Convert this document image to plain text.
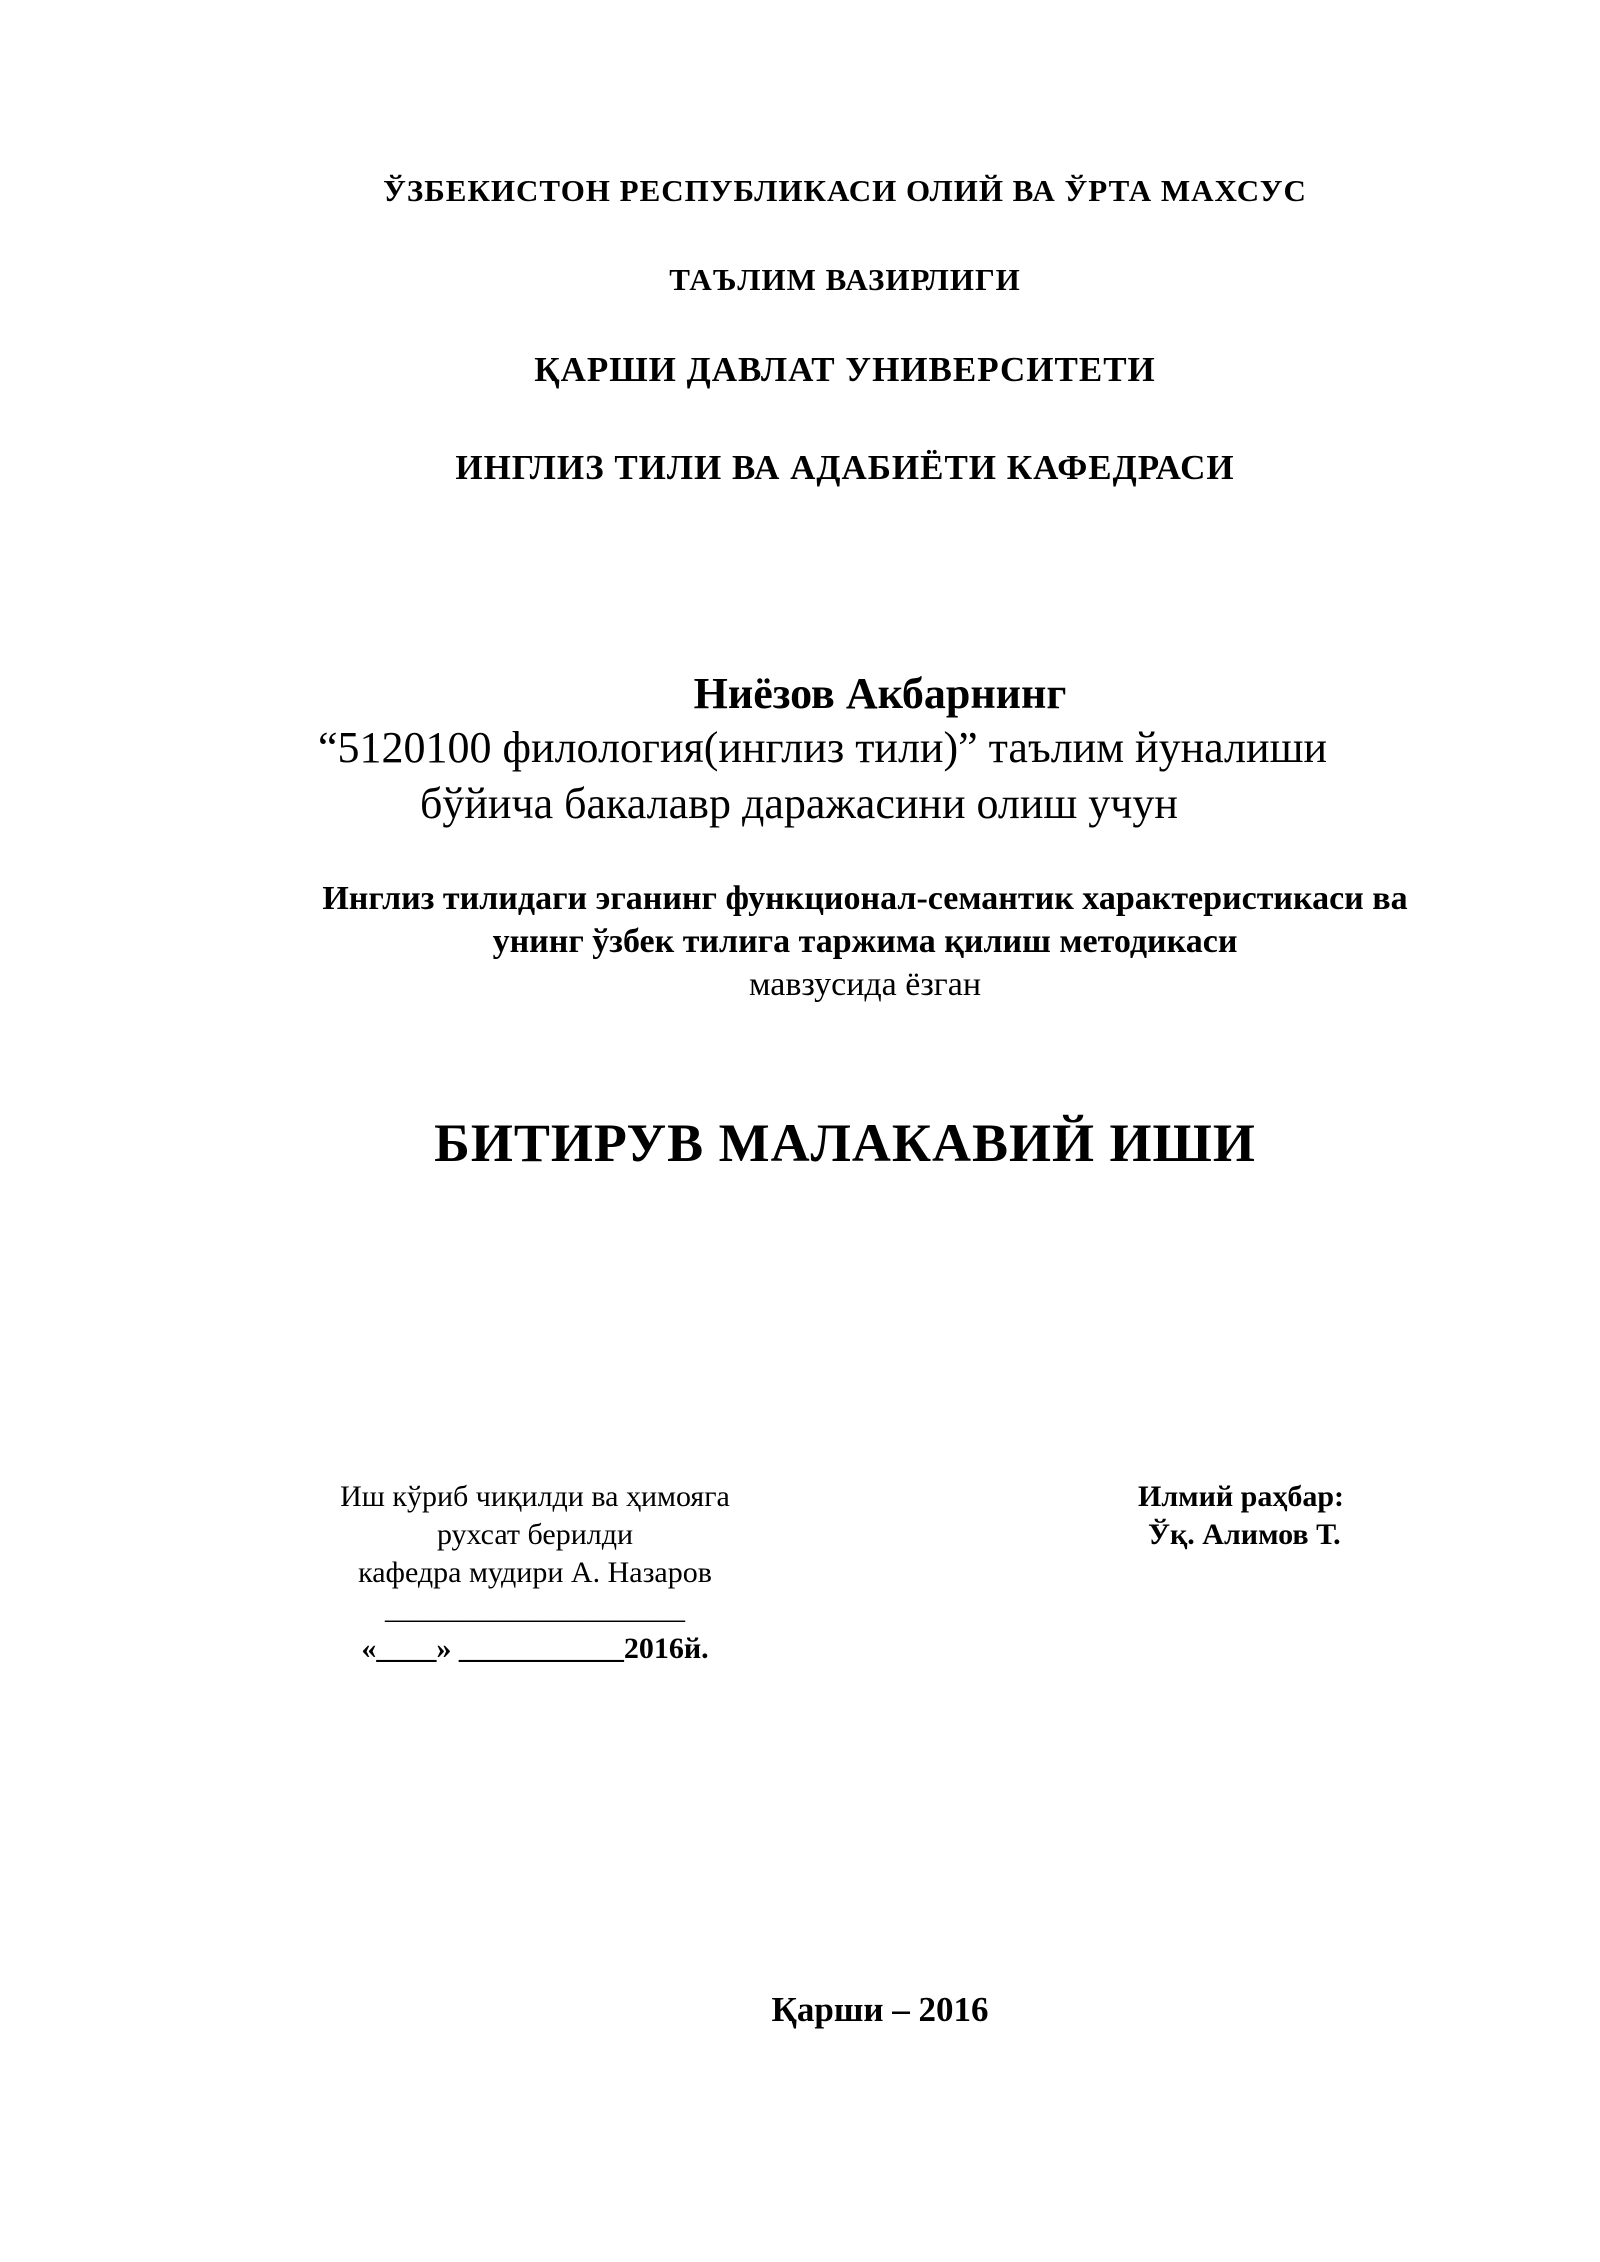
ЎЗБЕКИСТОН РЕСПУБЛИКАСИ ОЛИЙ ВА ЎРТА МАХСУС
ТАЪЛИМ ВАЗИРЛИГИ
ҚАРШИ ДАВЛАТ УНИВЕРСИТЕТИ
ИНГЛИЗ ТИЛИ ВА АДАБИЁТИ КАФЕДРАСИ
Ниёзов Акбарнинг
“5120100 филология(инглиз тили)” таълим йуналиши
бўйича бакалавр даражасини олиш учун
Инглиз тилидаги эганинг функционал-семантик характеристикаси ва
унинг ўзбек тилига таржима қилиш методикаси
мавзусида ёзган
БИТИРУВ МАЛАКАВИЙ ИШИ
Иш кўриб чиқилди ва ҳимояга
рухсат берилди
кафедра мудири А. Назаров
____________________
«____» ___________2016й.
Илмий раҳбар:
Ўқ. Алимов Т.
Қарши – 2016
